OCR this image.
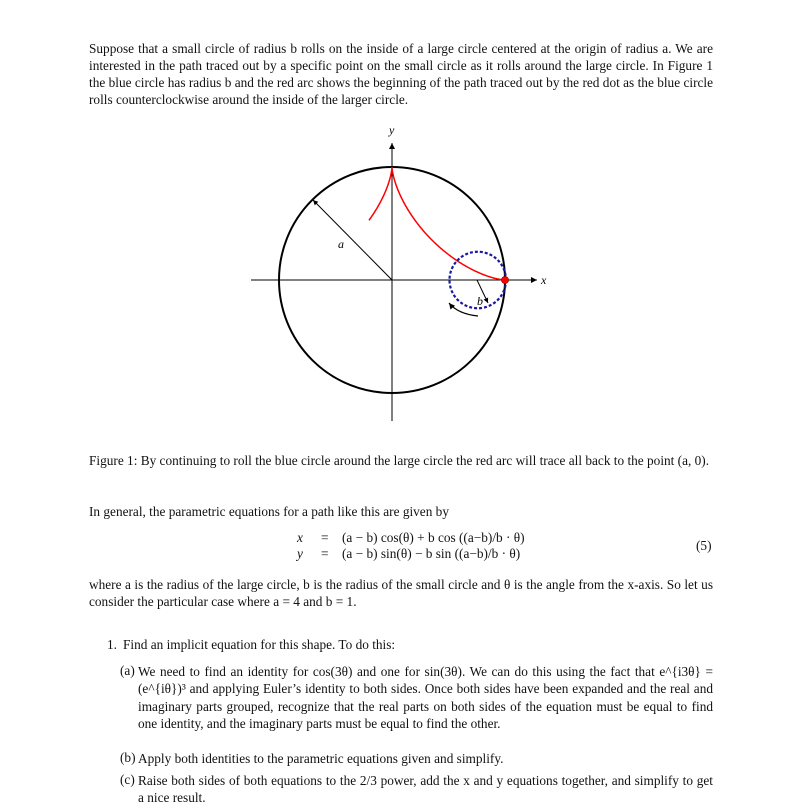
Suppose that a small circle of radius b rolls on the inside of a large circle centered at the origin of radius a. We are interested in the path traced out by a specific point on the small circle as it rolls around the large circle. In Figure 1 the blue circle has radius b and the red arc shows the beginning of the path traced out by the red dot as the blue circle rolls counterclockwise around the inside of the larger circle.
x
y
a
b
Figure 1: By continuing to roll the blue circle around the large circle the red arc will trace all back to the point (a, 0).
In general, the parametric equations for a path like this are given by
x = (a − b) cos(θ) + b cos ((a−b)/b · θ)
y = (a − b) sin(θ) − b sin ((a−b)/b · θ)
(5)
where a is the radius of the large circle, b is the radius of the small circle and θ is the angle from the x-axis. So let us consider the particular case where a = 4 and b = 1.
1. Find an implicit equation for this shape. To do this:
(a) We need to find an identity for cos(3θ) and one for sin(3θ). We can do this using the fact that e^{i3θ} = (e^{iθ})³ and applying Euler’s identity to both sides. Once both sides have been expanded and the real and imaginary parts grouped, recognize that the real parts on both sides of the equation must be equal to find one identity, and the imaginary parts must be equal to find the other.
(b) Apply both identities to the parametric equations given and simplify.
(c) Raise both sides of both equations to the 2/3 power, add the x and y equations together, and simplify to get a nice result.
